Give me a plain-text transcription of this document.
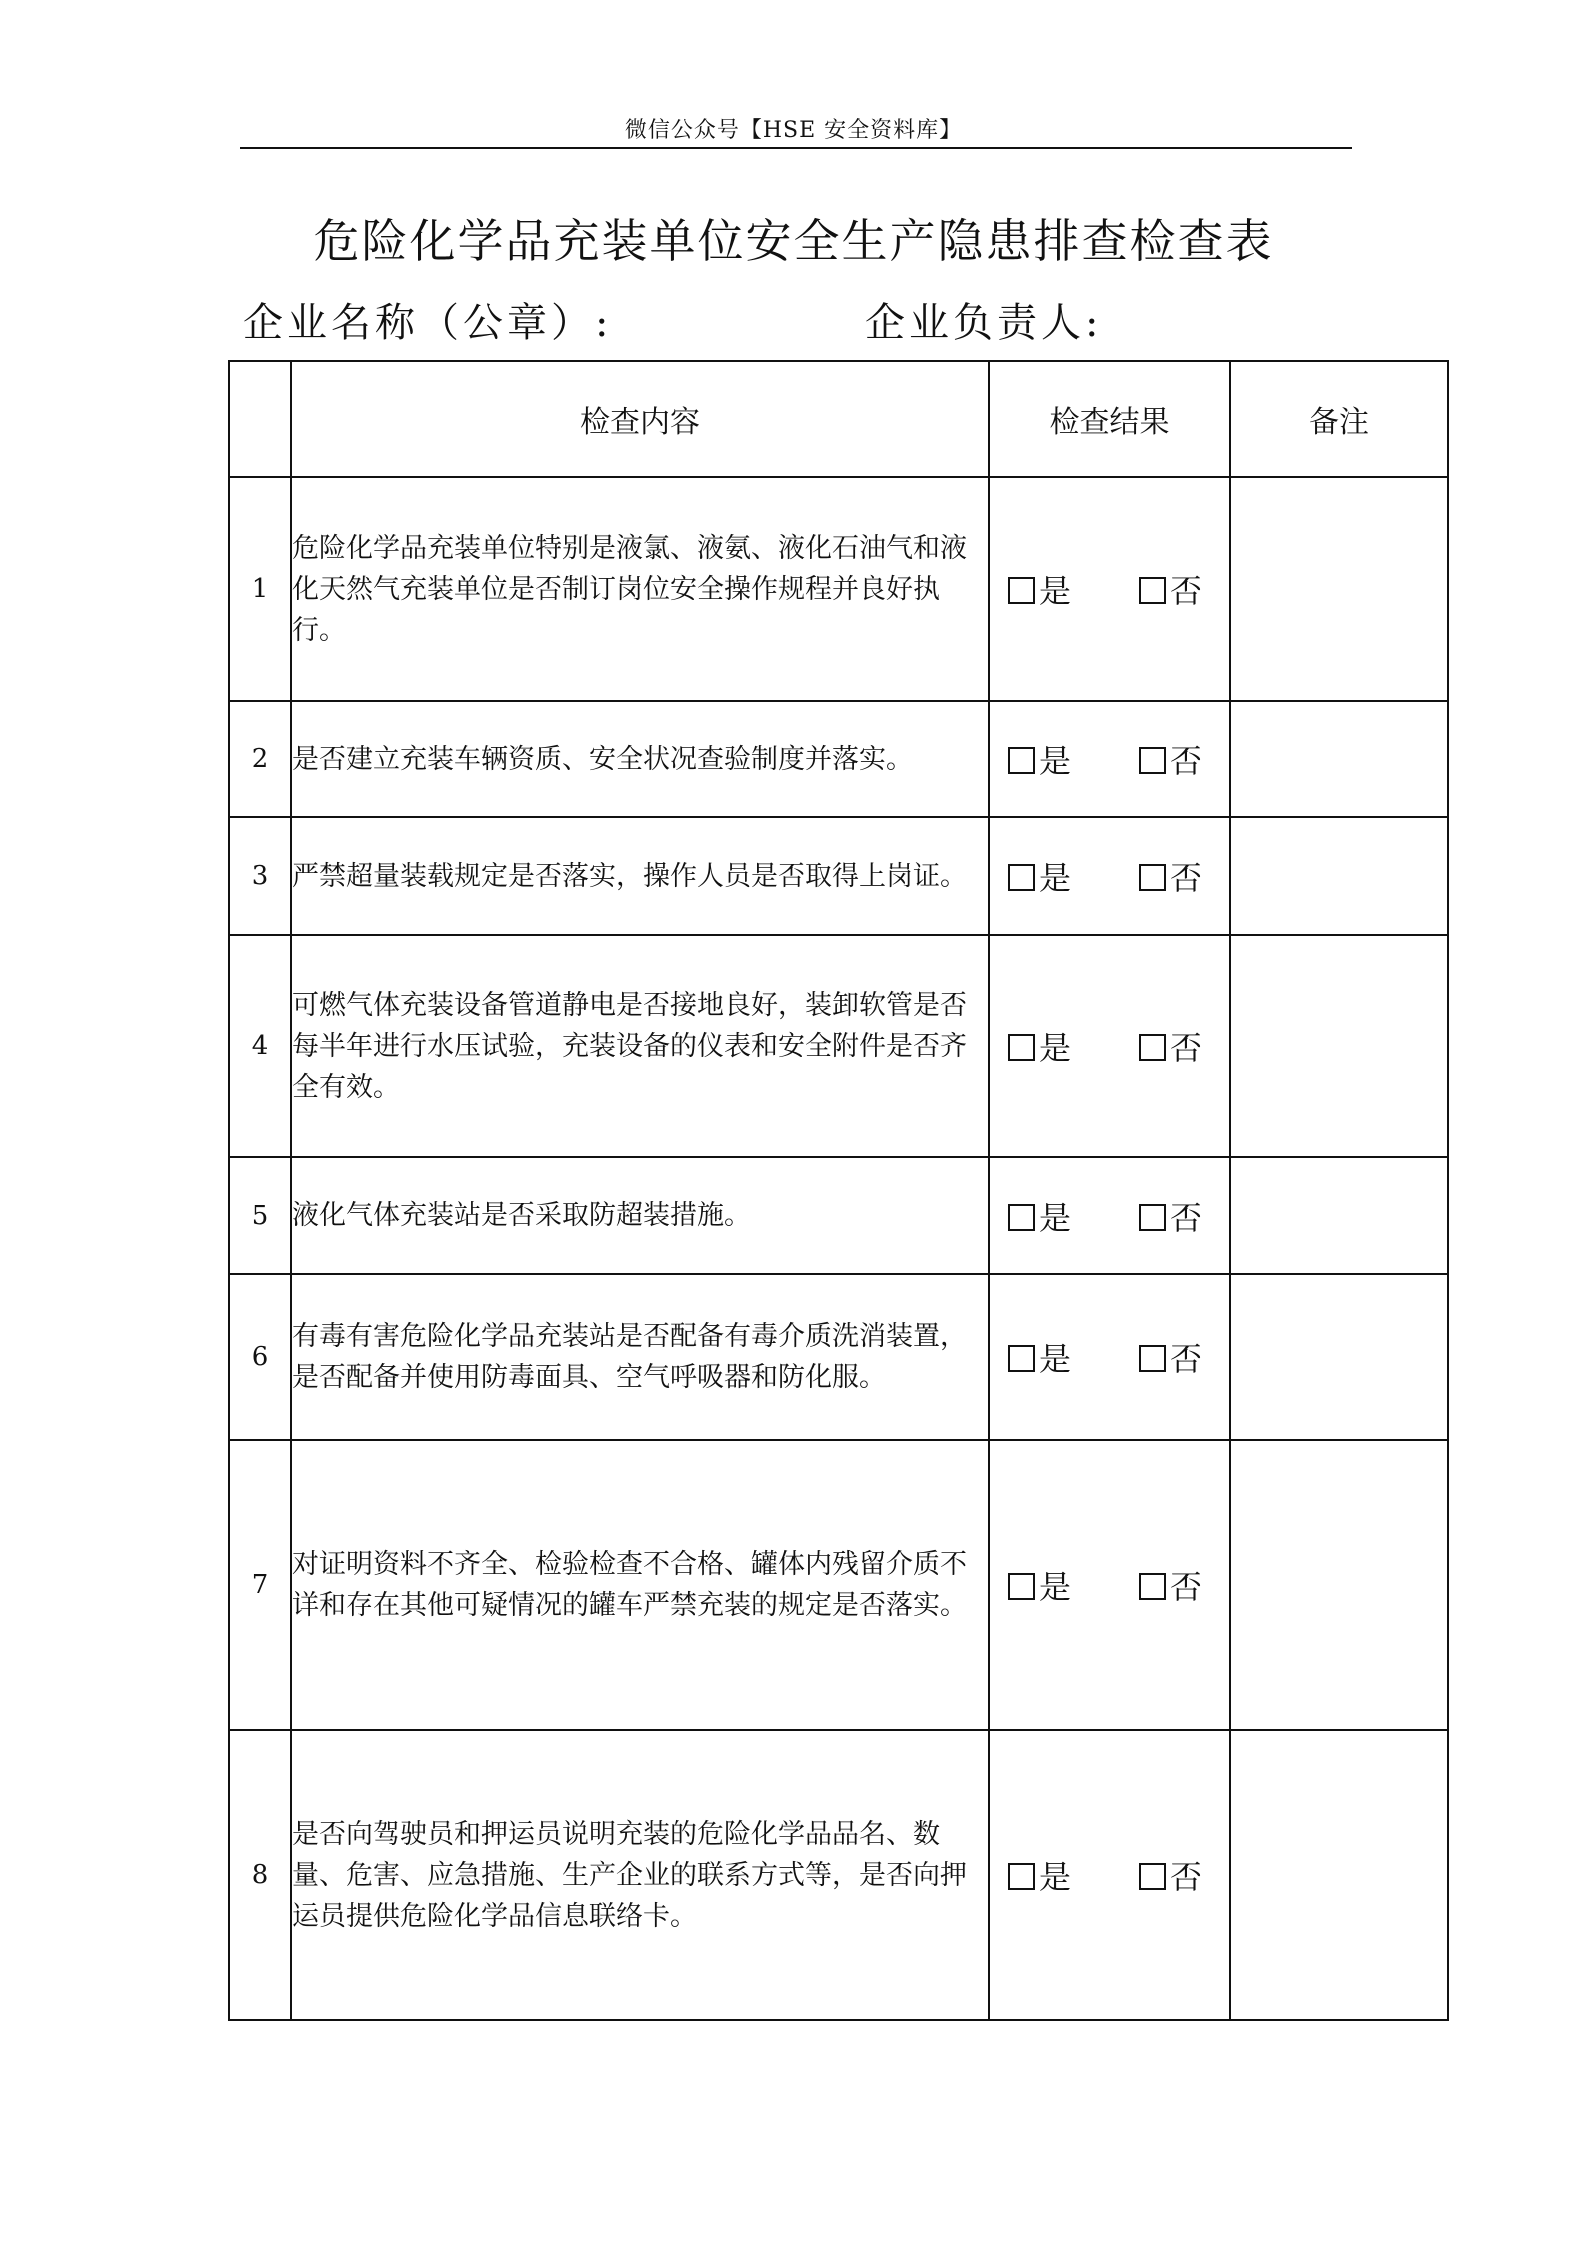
微信公众号【HSE 安全资料库】
危险化学品充装单位安全生产隐患排查检查表
企业名称（公章）:	企业负责人:
	检查内容	检查结果	备注
1	危险化学品充装单位特别是液氯、液氨、液化石油气和液化天然气充装单位是否制订岗位安全操作规程并良好执行。	是 否	

2	是否建立充装车辆资质、安全状况查验制度并落实。	是 否	

3	严禁超量装载规定是否落实，操作人员是否取得上岗证。	是 否	

4	可燃气体充装设备管道静电是否接地良好，装卸软管是否每半年进行水压试验，充装设备的仪表和安全附件是否齐全有效。	是 否	

5	液化气体充装站是否采取防超装措施。	是 否	

6	有毒有害危险化学品充装站是否配备有毒介质洗消装置，是否配备并使用防毒面具、空气呼吸器和防化服。	是 否	

7	对证明资料不齐全、检验检查不合格、罐体内残留介质不详和存在其他可疑情况的罐车严禁充装的规定是否落实。	是 否	

8	是否向驾驶员和押运员说明充装的危险化学品品名、数量、危害、应急措施、生产企业的联系方式等，是否向押运员提供危险化学品信息联络卡。	是 否	
